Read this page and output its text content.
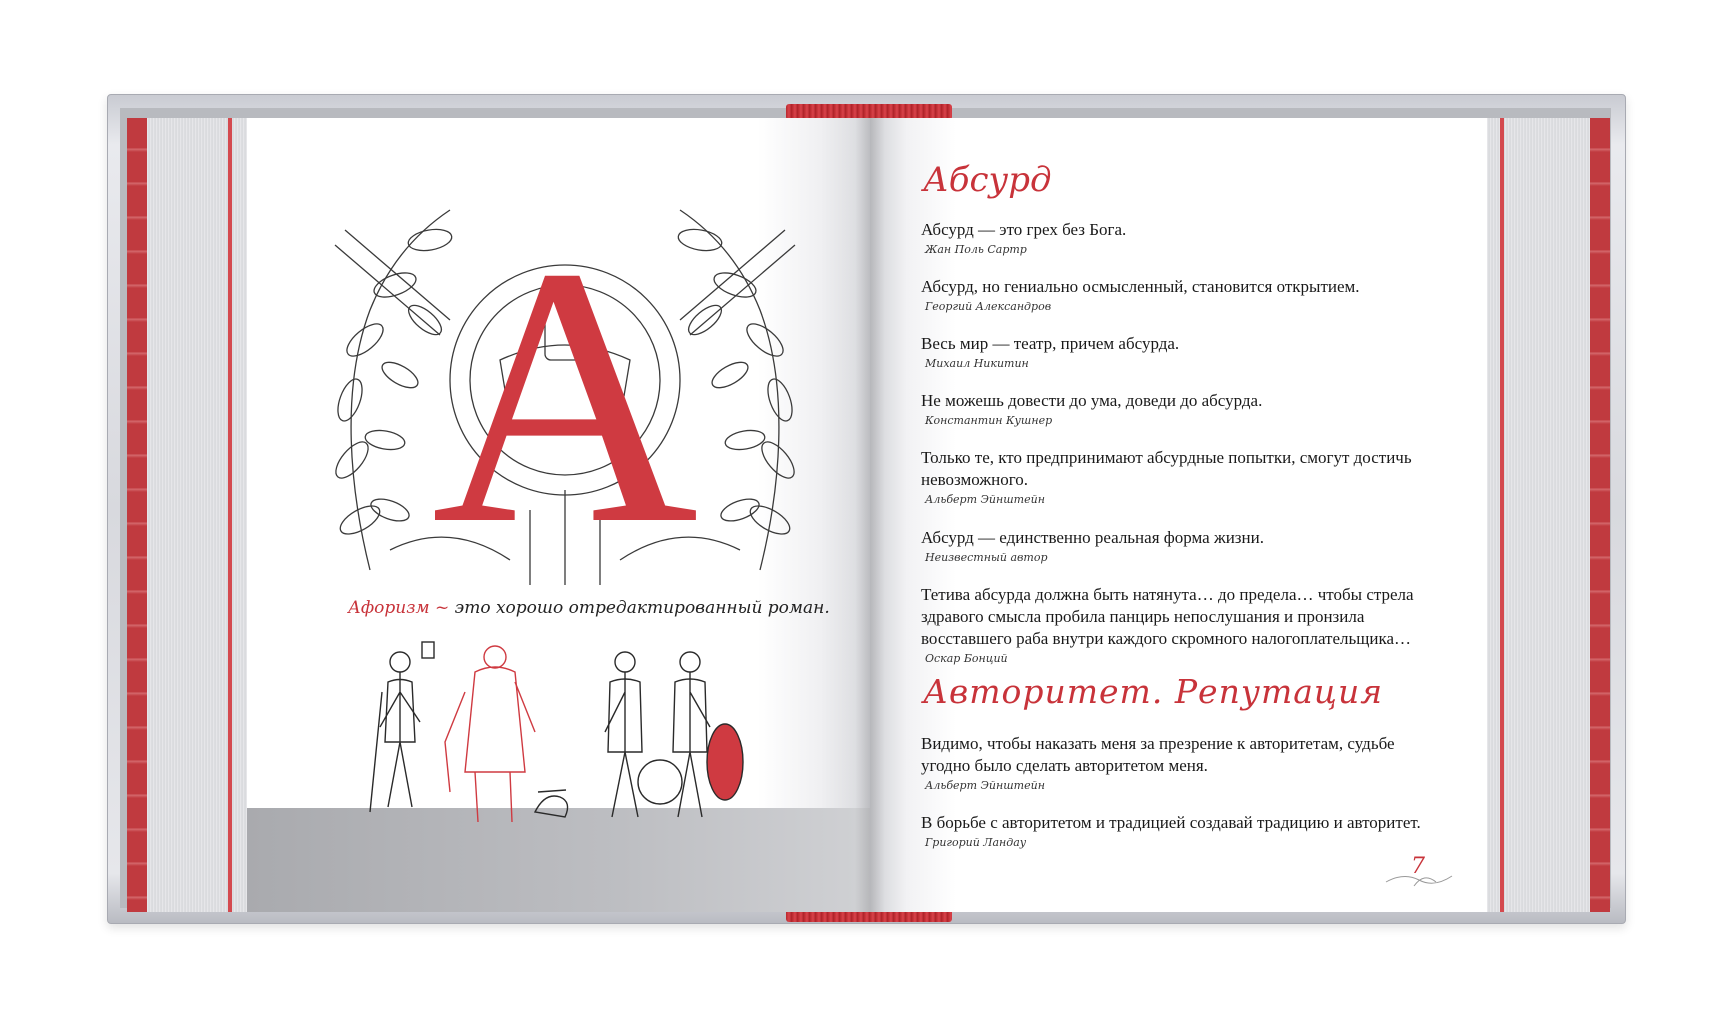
А
Афоризм ~ это хорошо отредактированный роман.
Абсурд
Абсурд — это грех без Бога.
Жан Поль Сартр
Абсурд, но гениально осмысленный, становится открытием.
Георгий Александров
Весь мир — театр, причем абсурда.
Михаил Никитин
Не можешь довести до ума, доведи до абсурда.
Константин Кушнер
Только те, кто предпринимают абсурдные попытки, смогут достичь невозможного.
Альберт Эйнштейн
Абсурд — единственно реальная форма жизни.
Неизвестный автор
Тетива абсурда должна быть натянута… до предела… чтобы стрела здравого смысла пробила панцирь непослушания и пронзила восставшего раба внутри каждого скромного налогоплательщика…
Оскар Бонций
Авторитет. Репутация
Видимо, чтобы наказать меня за презрение к авторитетам, судьбе угодно было сделать авторитетом меня.
Альберт Эйнштейн
В борьбе с авторитетом и традицией создавай традицию и авторитет.
Григорий Ландау
7
